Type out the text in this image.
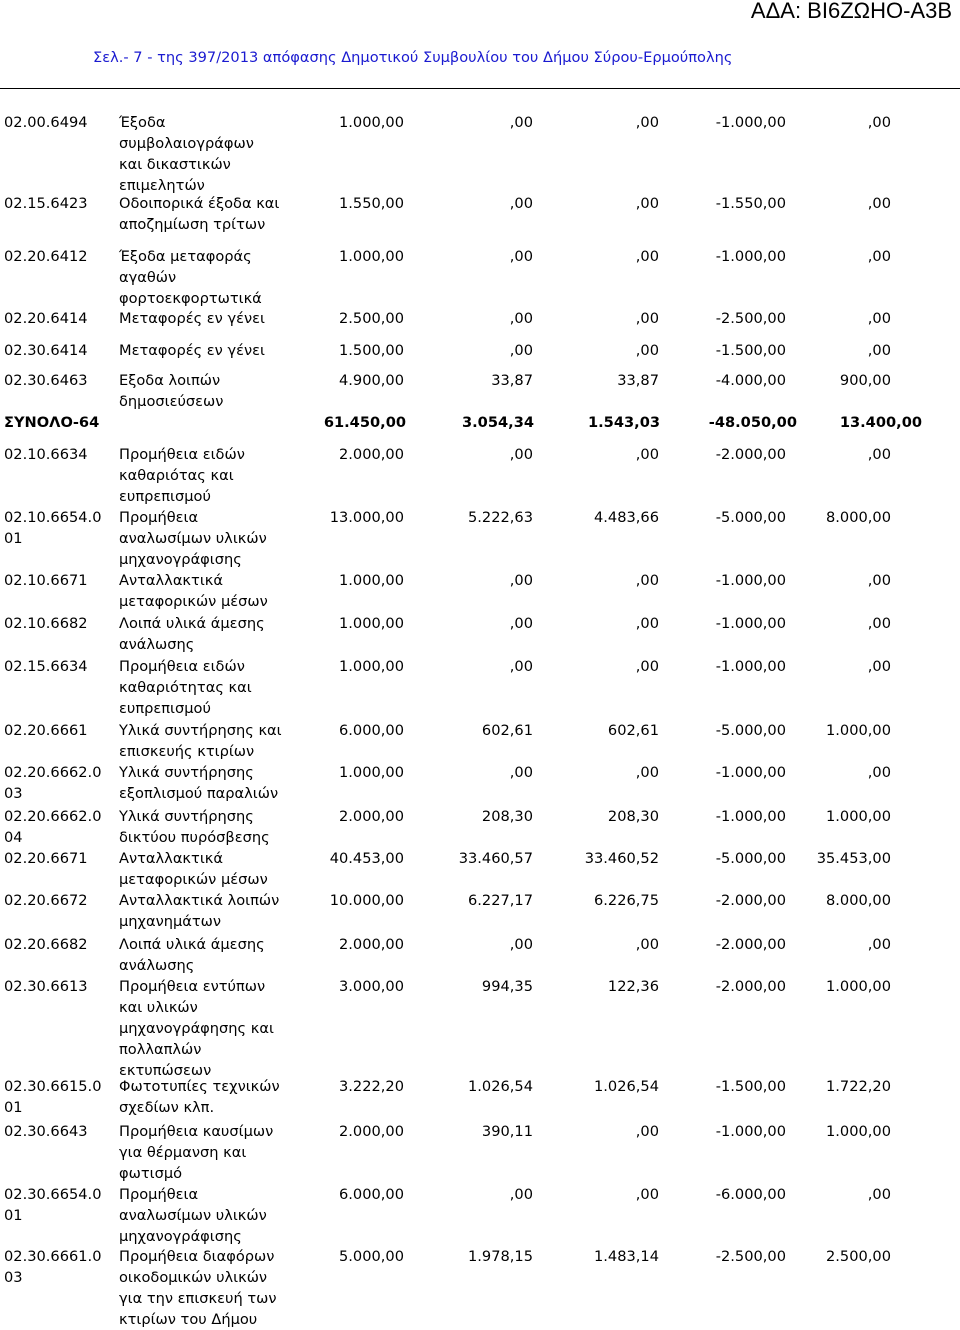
ΑΔΑ: ΒΙ6ΖΩΗΟ-Α3Β
Σελ.- 7 - της 397/2013 απόφασης Δημοτικού Συμβουλίου του Δήμου Σύρου-Ερμούπολης
02.00.6494	Έξοδα
συμβολαιογράφων
και δικαστικών
επιμελητών
1.000,00	,00	,00	-1.000,00	,00
02.15.6423	Οδοιπορικά έξοδα και
αποζημίωση τρίτων
1.550,00	,00	,00	-1.550,00	,00
02.20.6412	Έξοδα μεταφοράς
αγαθών
φορτοεκφορτωτικά
1.000,00	,00	,00	-1.000,00	,00
02.20.6414	Μεταφορές εν γένει	2.500,00	,00	,00	-2.500,00	,00
02.30.6414	Μεταφορές εν γένει	1.500,00	,00	,00	-1.500,00	,00
02.30.6463	Εξοδα λοιπών
δημοσιεύσεων
4.900,00	33,87	33,87	-4.000,00	900,00
ΣΥΝΟΛΟ-64	61.450,00	3.054,34	1.543,03	-48.050,00	13.400,00
02.10.6634	Προμήθεια ειδών
καθαριότας και
ευπρεπισμού
2.000,00	,00	,00	-2.000,00	,00
02.10.6654.0
01
Προμήθεια
αναλωσίμων υλικών
μηχανογράφισης
13.000,00	5.222,63	4.483,66	-5.000,00	8.000,00
02.10.6671	Ανταλλακτικά
μεταφορικών μέσων
1.000,00	,00	,00	-1.000,00	,00
02.10.6682	Λοιπά υλικά άμεσης
ανάλωσης
1.000,00	,00	,00	-1.000,00	,00
02.15.6634	Προμήθεια ειδών
καθαριότητας και
ευπρεπισμού
1.000,00	,00	,00	-1.000,00	,00
02.20.6661	Υλικά συντήρησης και
επισκευής κτιρίων
6.000,00	602,61	602,61	-5.000,00	1.000,00
02.20.6662.0
03
Υλικά συντήρησης
εξοπλισμού παραλιών
1.000,00	,00	,00	-1.000,00	,00
02.20.6662.0
04
Υλικά συντήρησης
δικτύου πυρόσβεσης
2.000,00	208,30	208,30	-1.000,00	1.000,00
02.20.6671	Ανταλλακτικά
μεταφορικών μέσων
40.453,00	33.460,57	33.460,52	-5.000,00 35.453,00
02.20.6672	Ανταλλακτικά λοιπών
μηχανημάτων
10.000,00	6.227,17	6.226,75	-2.000,00	8.000,00
02.20.6682	Λοιπά υλικά άμεσης
ανάλωσης
2.000,00	,00	,00	-2.000,00	,00
02.30.6613	Προμήθεια εντύπων
και υλικών
μηχανογράφησης και
πολλαπλών
εκτυπώσεων
3.000,00	994,35	122,36	-2.000,00	1.000,00
02.30.6615.0
01
Φωτοτυπίες τεχνικών
σχεδίων κλπ.
3.222,20	1.026,54	1.026,54	-1.500,00	1.722,20
02.30.6643	Προμήθεια καυσίμων
για θέρμανση και
φωτισμό
2.000,00	390,11	,00	-1.000,00	1.000,00
02.30.6654.0
01
Προμήθεια
αναλωσίμων υλικών
μηχανογράφισης
6.000,00	,00	,00	-6.000,00	,00
02.30.6661.0
03
Προμήθεια διαφόρων
οικοδομικών υλικών
για την επισκευή των
κτιρίων του Δήμου
5.000,00	1.978,15	1.483,14	-2.500,00	2.500,00
